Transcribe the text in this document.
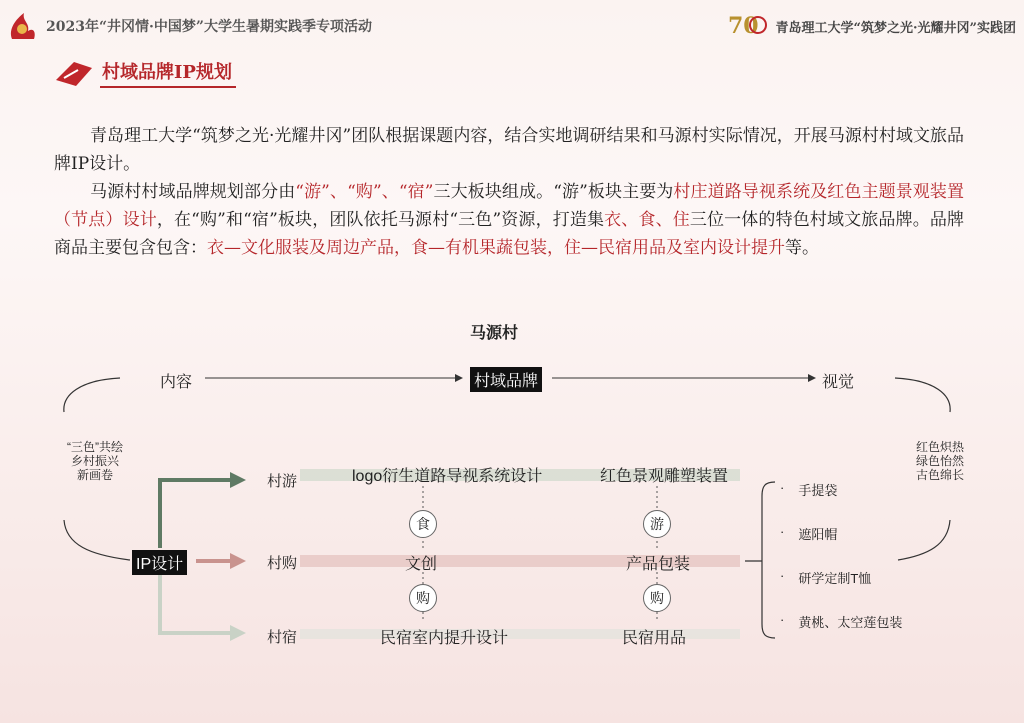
2023年“井冈情·中国梦”大学生暑期实践季专项活动	70 青岛理工大学“筑梦之光·光耀井冈”实践团
村域品牌IP规划
青岛理工大学“筑梦之光·光耀井冈”团队根据课题内容，结合实地调研结果和马源村实际情况，开展马源村村域文旅品牌IP设计。
马源村村域品牌规划部分由“游”、“购”、“宿”三大板块组成。“游”板块主要为村庄道路导视系统及红色主题景观装置（节点）设计，在“购”和“宿”板块，团队依托马源村“三色”资源，打造集衣、食、住三位一体的特色村域文旅品牌。品牌商品主要包含包含：衣—文化服装及周边产品，食—有机果蔬包装，住—民宿用品及室内设计提升等。
马源村
内容	村域品牌	视觉
“三色”共绘
乡村振兴
新画卷
红色炽热
绿色怡然
古色绵长
IP设计
村游	logo衍生道路导视系统设计	红色景观雕塑装置
村购	文创	产品包装
村宿	民宿室内提升设计	民宿用品
食	游
购	购
· 手提袋
· 遮阳帽
· 研学定制T恤
· 黄桃、太空莲包装
